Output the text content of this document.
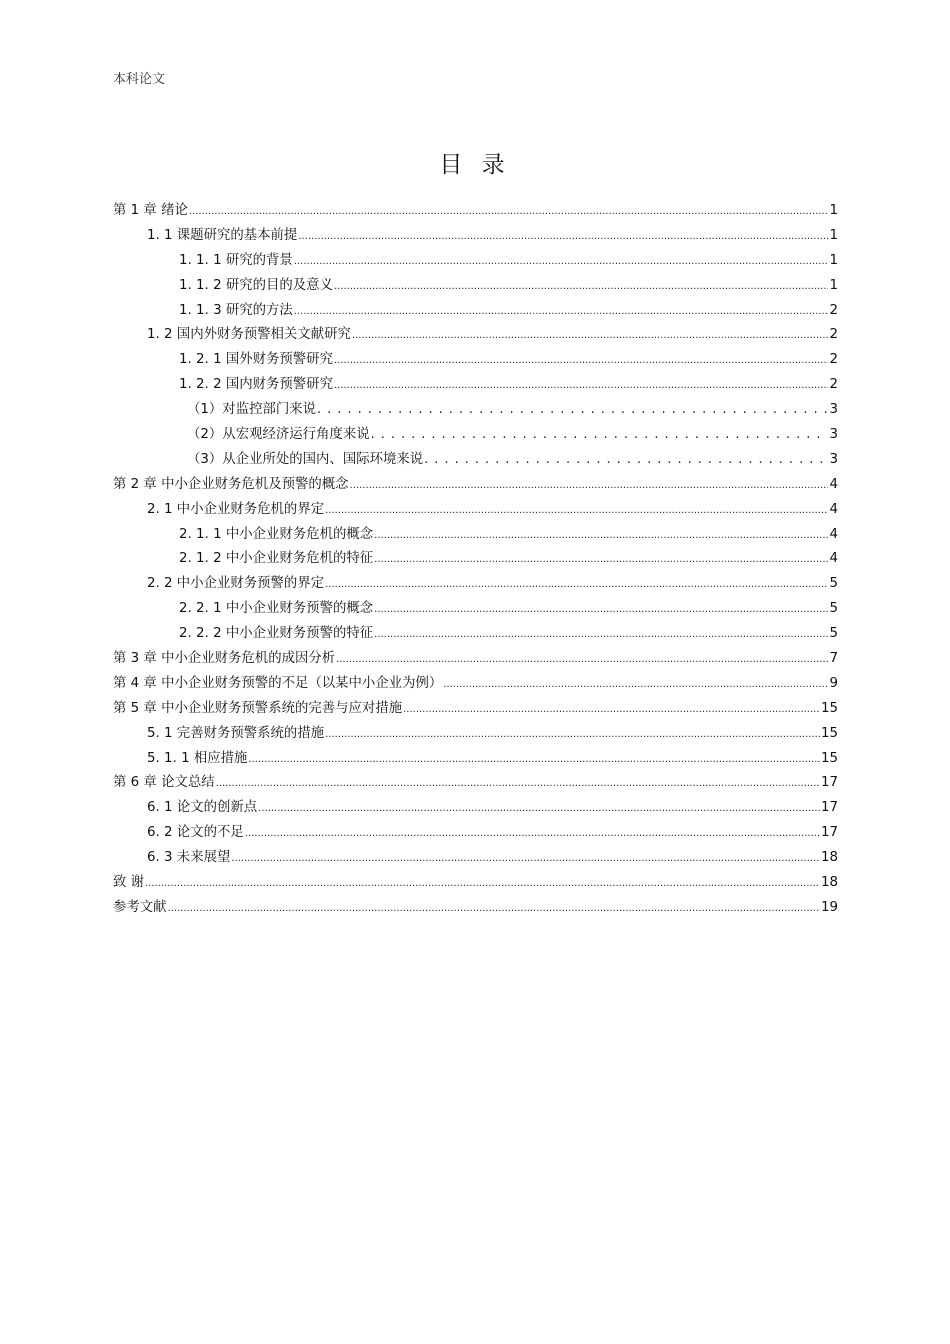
本科论文
目 录
第 1 章 绪论 .....	1
1. 1 课题研究的基本前提 .....	1
1. 1. 1 研究的背景 .....	1
1. 1. 2 研究的目的及意义 .....	1
1. 1. 3 研究的方法 .....	2
1. 2 国内外财务预警相关文献研究 .....	2
1. 2. 1 国外财务预警研究 .....	2
1. 2. 2 国内财务预警研究 .....	2
（1）对监控部门来说 .....	3
（2）从宏观经济运行角度来说 .....	3
（3）从企业所处的国内、国际环境来说 .....	3
第 2 章 中小企业财务危机及预警的概念 .....	4
2. 1 中小企业财务危机的界定 .....	4
2. 1. 1 中小企业财务危机的概念 .....	4
2. 1. 2 中小企业财务危机的特征 .....	4
2. 2 中小企业财务预警的界定 .....	5
2. 2. 1 中小企业财务预警的概念 .....	5
2. 2. 2 中小企业财务预警的特征 .....	5
第 3 章 中小企业财务危机的成因分析 .....	7
第 4 章 中小企业财务预警的不足（以某中小企业为例） .....	9
第 5 章 中小企业财务预警系统的完善与应对措施 .....	15
5. 1 完善财务预警系统的措施 .....	15
5. 1. 1 相应措施 .....	15
第 6 章 论文总结 .....	17
6. 1 论文的创新点 .....	17
6. 2 论文的不足 .....	17
6. 3 未来展望 .....	18
致 谢 .....	18
参考文献 .....	19
